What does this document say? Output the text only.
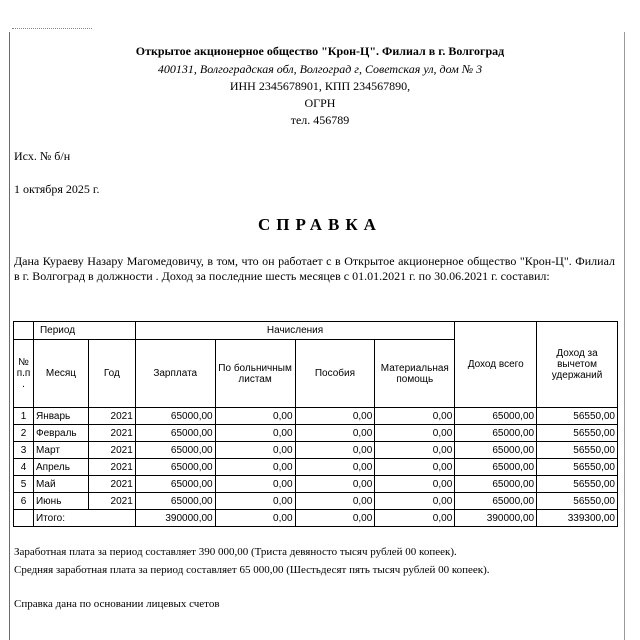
Открытое акционерное общество "Крон-Ц". Филиал в г. Волгоград
400131, Волгоградская обл, Волгоград г, Советская ул, дом № 3
ИНН 2345678901, КПП 234567890,
ОГРН
тел. 456789
Исх. № б/н
1 октября 2025 г.
СПРАВКА
Дана Кураеву Назару Магомедовичу, в том, что он работает с в Открытое акционерное общество "Крон-Ц". Филиал в г. Волгоград в должности . Доход за последние шесть месяцев с 01.01.2021 г. по 30.06.2021 г. составил:
	Период		Начисления				Доход всего	Доход за вычетом удержаний
№ п.п .	Месяц	Год	Зарплата	По больничным листам	Пособия	Материальная помощь		
1	Январь	2021	65000,00	0,00	0,00	0,00	65000,00	56550,00
2	Февраль	2021	65000,00	0,00	0,00	0,00	65000,00	56550,00
3	Март	2021	65000,00	0,00	0,00	0,00	65000,00	56550,00
4	Апрель	2021	65000,00	0,00	0,00	0,00	65000,00	56550,00
5	Май	2021	65000,00	0,00	0,00	0,00	65000,00	56550,00
6	Июнь	2021	65000,00	0,00	0,00	0,00	65000,00	56550,00
	Итого:		390000,00	0,00	0,00	0,00	390000,00	339300,00
Заработная плата за период составляет 390 000,00 (Триста девяносто тысяч рублей 00 копеек).
Средняя заработная плата за период составляет 65 000,00 (Шестьдесят пять тысяч рублей 00 копеек).
Справка дана по основании лицевых счетов
